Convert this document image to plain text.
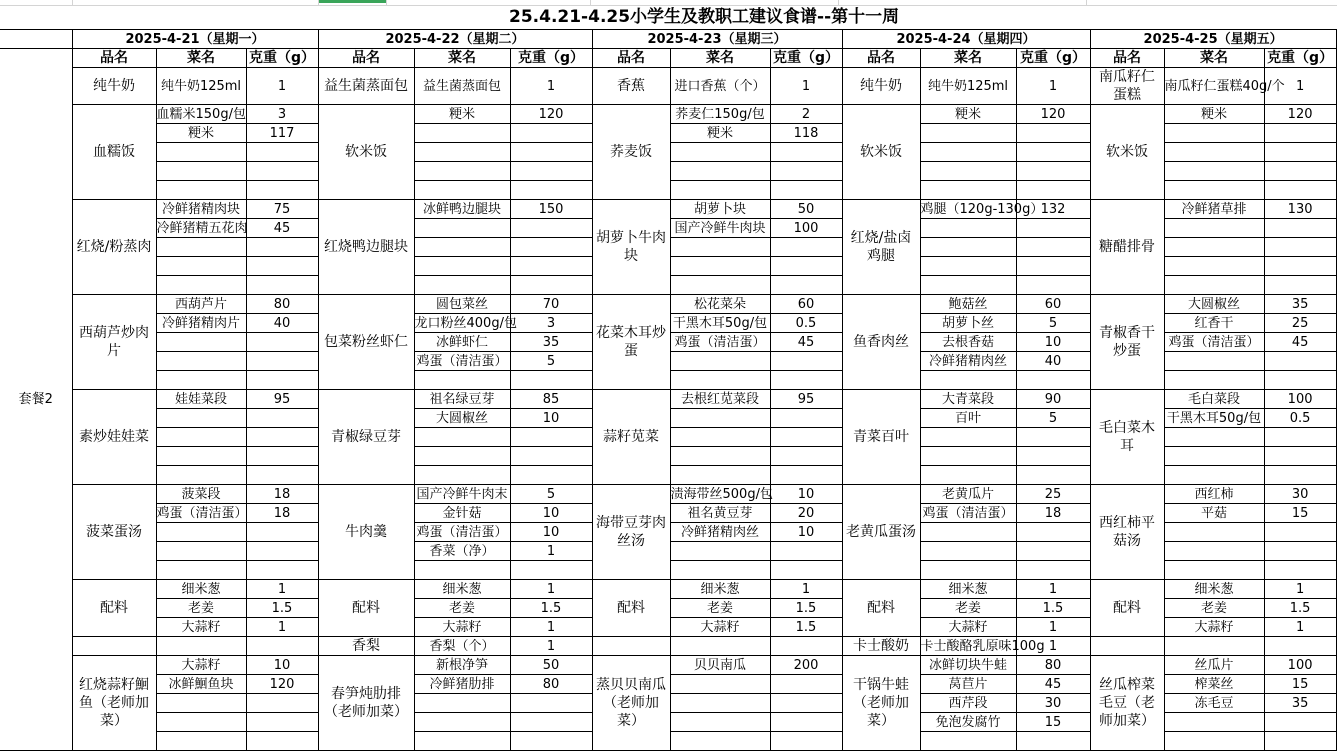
	25.4.21-4.25小学生及教职工建议食谱--第十一周														
	2025-4-21（星期一）			2025-4-22（星期二）			2025-4-23（星期三）			2025-4-24（星期四）			2025-4-25（星期五）		
套餐2	品名	菜名	克重（g）	品名	菜名	克重（g）	品名	菜名	克重（g）	品名	菜名	克重（g）	品名	菜名	克重（g）
	纯牛奶	纯牛奶125ml	1	益生菌蒸面包	益生菌蒸面包	1	香蕉	进口香蕉（个）	1	纯牛奶	纯牛奶125ml	1	南瓜籽仁蛋糕	南瓜籽仁蛋糕40g/个	1
	血糯饭	血糯米150g/包	3	软米饭	粳米	120	荞麦饭	荞麦仁150g/包	2	软米饭	粳米	120	软米饭	粳米	120
		粳米	117					粳米	118						

	红烧/粉蒸肉	冷鲜猪精肉块	75	红烧鸭边腿块	冰鲜鸭边腿块	150	胡萝卜牛肉块	胡萝卜块	50	红烧/盐卤鸡腿	鸡腿（120g-130g）	132	糖醋排骨	冷鲜猪草排	130
		冷鲜猪精五花肉	45					国产冷鲜牛肉块	100						

	西葫芦炒肉片	西葫芦片	80	包菜粉丝虾仁	圆包菜丝	70	花菜木耳炒蛋	松花菜朵	60	鱼香肉丝	鲍菇丝	60	青椒香干炒蛋	大圆椒丝	35
		冷鲜猪精肉片	40		龙口粉丝400g/包	3		干黑木耳50g/包	0.5		胡萝卜丝	5		红香干	25
					冰鲜虾仁	35		鸡蛋（清洁蛋）	45		去根香菇	10		鸡蛋（清洁蛋）	45
					鸡蛋（清洁蛋）	5					冷鲜猪精肉丝	40			

	素炒娃娃菜	娃娃菜段	95	青椒绿豆芽	祖名绿豆芽	85	蒜籽苋菜	去根红苋菜段	95	青菜百叶	大青菜段	90	毛白菜木耳	毛白菜段	100
					大圆椒丝	10					百叶	5		干黑木耳50g/包	0.5

	菠菜蛋汤	菠菜段	18	牛肉羹	国产冷鲜牛肉末	5	海带豆芽肉丝汤	渍海带丝500g/包	10	老黄瓜蛋汤	老黄瓜片	25	西红柿平菇汤	西红柿	30
		鸡蛋（清洁蛋）	18		金针菇	10		祖名黄豆芽	20		鸡蛋（清洁蛋）	18		平菇	15
					鸡蛋（清洁蛋）	10		冷鲜猪精肉丝	10						
					香菜（净）	1									

	配料	细米葱	1	配料	细米葱	1	配料	细米葱	1	配料	细米葱	1	配料	细米葱	1
		老姜	1.5		老姜	1.5		老姜	1.5		老姜	1.5		老姜	1.5
		大蒜籽	1		大蒜籽	1		大蒜籽	1.5		大蒜籽	1		大蒜籽	1
				香梨	香梨（个）	1				卡士酸奶	卡士酸酪乳原味100g	1			
	红烧蒜籽鮰鱼（老师加菜）	大蒜籽	10	春笋炖肋排（老师加菜）	新根净笋	50	蒸贝贝南瓜（老师加菜）	贝贝南瓜	200	干锅牛蛙（老师加菜）	冰鲜切块牛蛙	80	丝瓜榨菜毛豆（老师加菜）	丝瓜片	100
		冰鲜鮰鱼块	120		冷鲜猪肋排	80					莴苣片	45		榨菜丝	15
											西芹段	30		冻毛豆	35
											免泡发腐竹	15			
